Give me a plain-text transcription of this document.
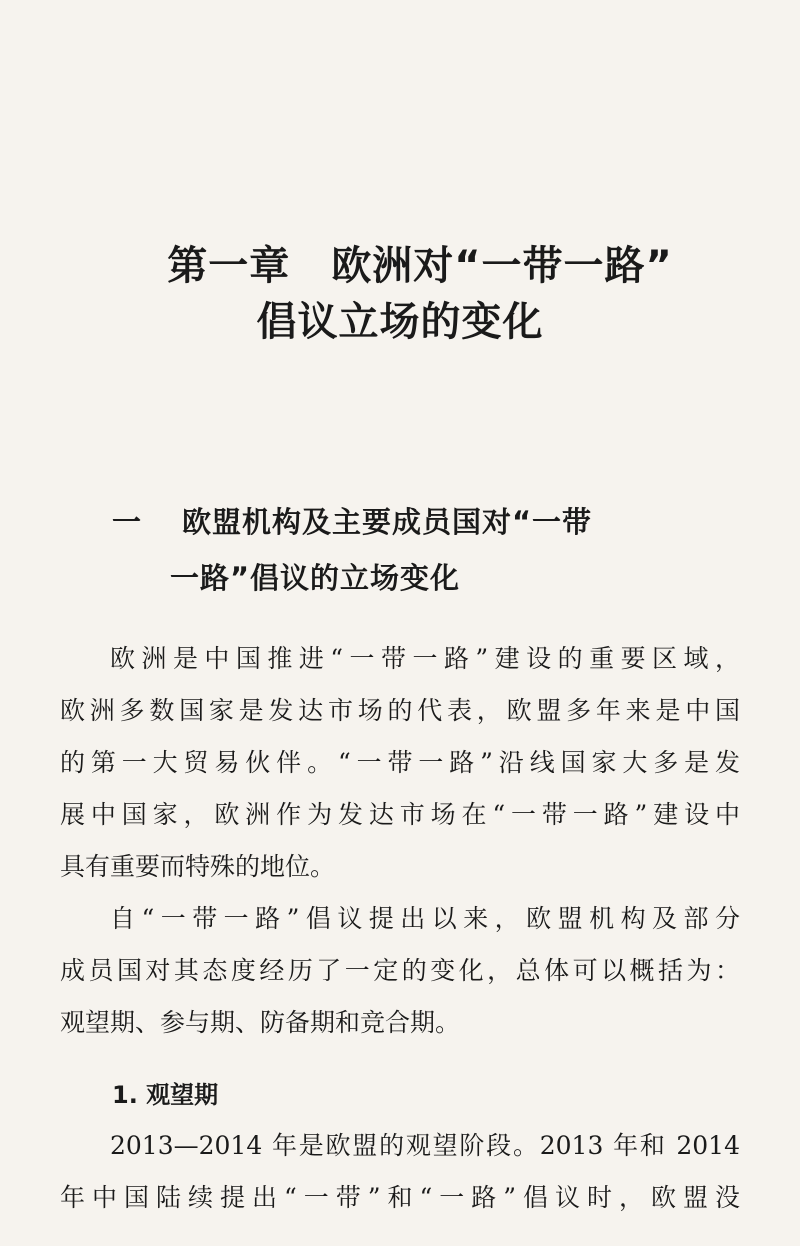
第一章　欧洲对“一带一路”
倡议立场的变化
一 欧盟机构及主要成员国对“一带
一路”倡议的立场变化

欧洲是中国推进“一带一路”建设的重要区域，

欧洲多数国家是发达市场的代表，欧盟多年来是中国

的第一大贸易伙伴。“一带一路”沿线国家大多是发

展中国家，欧洲作为发达市场在“一带一路”建设中

具有重要而特殊的地位。

自“一带一路”倡议提出以来，欧盟机构及部分

成员国对其态度经历了一定的变化，总体可以概括为：

观望期、参与期、防备期和竞合期。

1. 观望期

2013—2014 年是欧盟的观望阶段。2013 年和 2014

年中国陆续提出“一带”和“一路”倡议时，欧盟没
